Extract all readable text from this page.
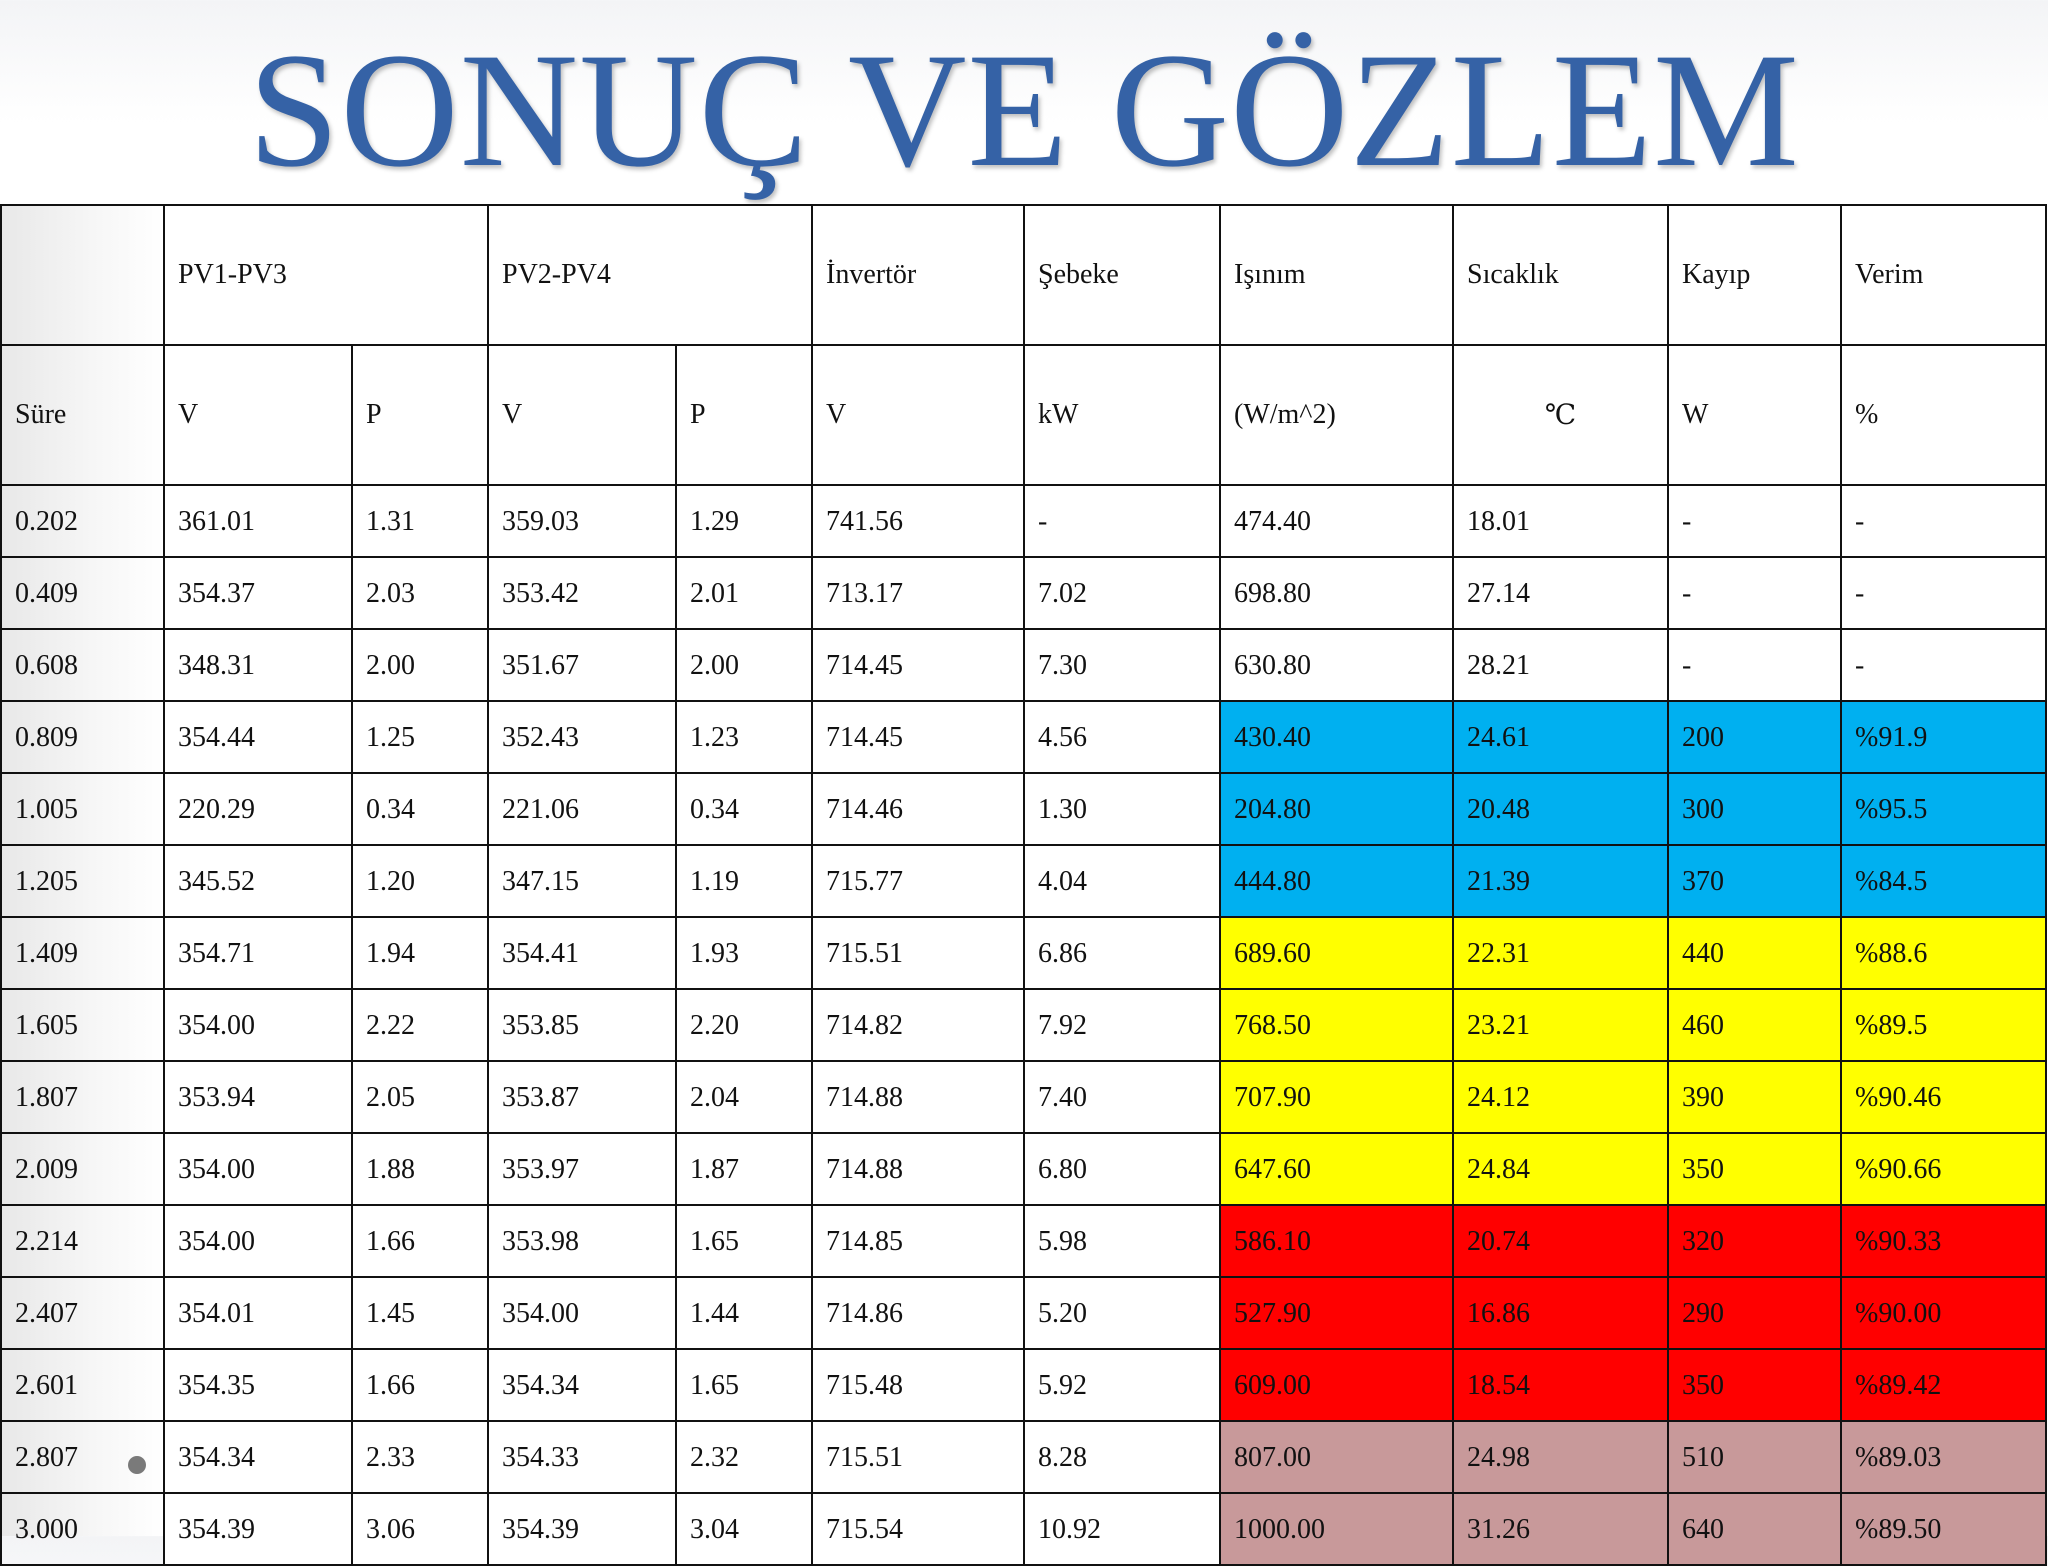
SONUÇ VE GÖZLEM
	PV1-PV3		PV2-PV4		İnvertör	Şebeke	Işınım	Sıcaklık	Kayıp	Verim
Süre	V	P	V	P	V	kW	(W/m^2)	℃	W	%
0.202	361.01	1.31	359.03	1.29	741.56	-	474.40	18.01	-	-
0.409	354.37	2.03	353.42	2.01	713.17	7.02	698.80	27.14	-	-
0.608	348.31	2.00	351.67	2.00	714.45	7.30	630.80	28.21	-	-
0.809	354.44	1.25	352.43	1.23	714.45	4.56	430.40	24.61	200	%91.9
1.005	220.29	0.34	221.06	0.34	714.46	1.30	204.80	20.48	300	%95.5
1.205	345.52	1.20	347.15	1.19	715.77	4.04	444.80	21.39	370	%84.5
1.409	354.71	1.94	354.41	1.93	715.51	6.86	689.60	22.31	440	%88.6
1.605	354.00	2.22	353.85	2.20	714.82	7.92	768.50	23.21	460	%89.5
1.807	353.94	2.05	353.87	2.04	714.88	7.40	707.90	24.12	390	%90.46
2.009	354.00	1.88	353.97	1.87	714.88	6.80	647.60	24.84	350	%90.66
2.214	354.00	1.66	353.98	1.65	714.85	5.98	586.10	20.74	320	%90.33
2.407	354.01	1.45	354.00	1.44	714.86	5.20	527.90	16.86	290	%90.00
2.601	354.35	1.66	354.34	1.65	715.48	5.92	609.00	18.54	350	%89.42
2.807	354.34	2.33	354.33	2.32	715.51	8.28	807.00	24.98	510	%89.03
3.000	354.39	3.06	354.39	3.04	715.54	10.92	1000.00	31.26	640	%89.50
